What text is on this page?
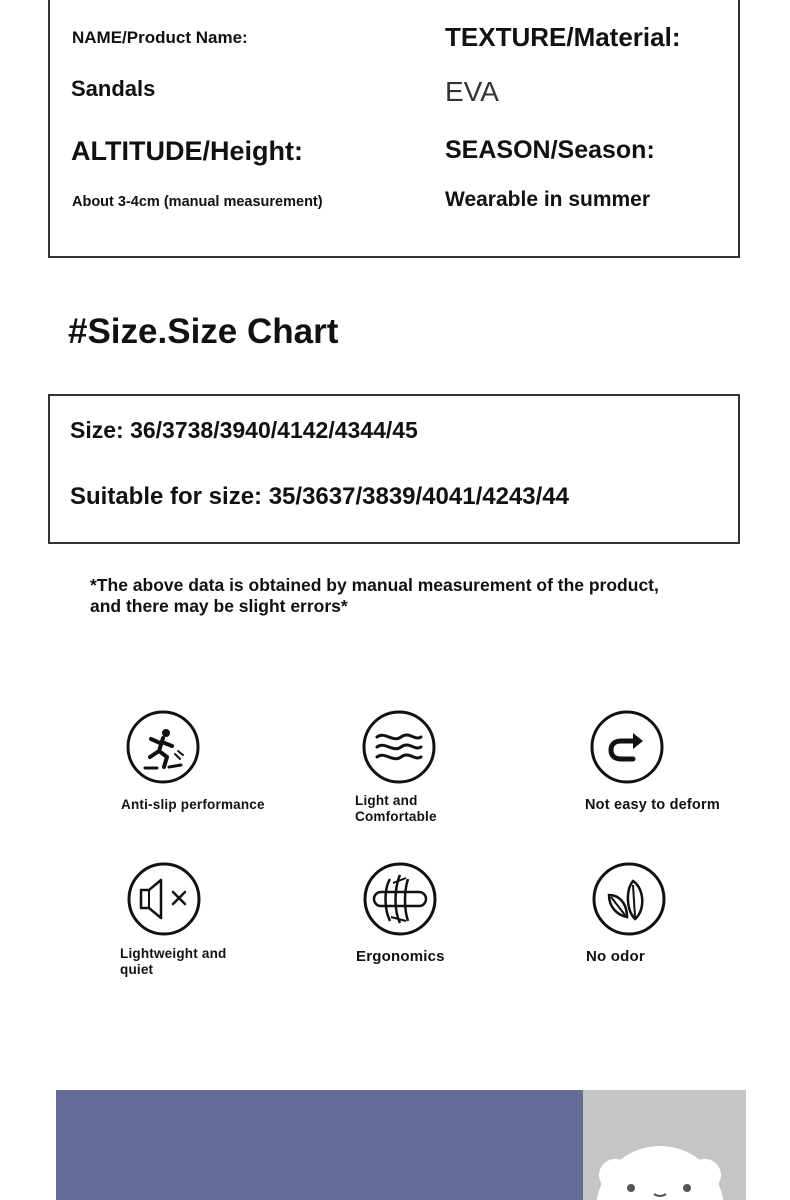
NAME/Product Name:
Sandals
TEXTURE/Material:
EVA
ALTITUDE/Height:
About 3-4cm (manual measurement)
SEASON/Season:
Wearable in summer
#Size.Size Chart
Size: 36/3738/3940/4142/4344/45
Suitable for size: 35/3637/3839/4041/4243/44
*The above data is obtained by manual measurement of the product,
and there may be slight errors*
Anti-slip performance	Light and
Comfortable
Not easy to deform
Lightweight and
quiet
Ergonomics	No odor
